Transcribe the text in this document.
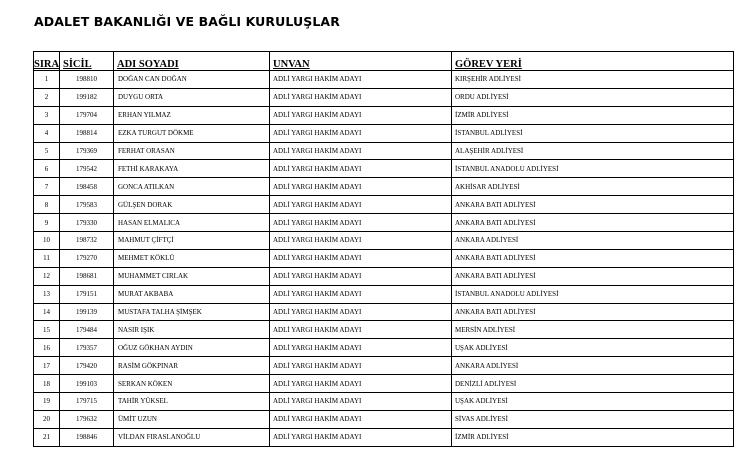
ADALET BAKANLIĞI VE BAĞLI KURULUŞLAR
SIRA	SİCİL	ADI SOYADI	UNVAN	GÖREV YERİ
1	198810	DOĞAN CAN DOĞAN	ADLİ YARGI HAKİM ADAYI	KIRŞEHİR ADLİYESİ
2	199182	DUYGU ORTA	ADLİ YARGI HAKİM ADAYI	ORDU ADLİYESİ
3	179704	ERHAN YILMAZ	ADLİ YARGI HAKİM ADAYI	İZMİR ADLİYESİ
4	198814	EZKA TURGUT DÖKME	ADLİ YARGI HAKİM ADAYI	İSTANBUL ADLİYESİ
5	179369	FERHAT ORASAN	ADLİ YARGI HAKİM ADAYI	ALAŞEHİR ADLİYESİ
6	179542	FETHİ KARAKAYA	ADLİ YARGI HAKİM ADAYI	İSTANBUL ANADOLU ADLİYESİ
7	198458	GONCA ATILKAN	ADLİ YARGI HAKİM ADAYI	AKHİSAR ADLİYESİ
8	179583	GÜLŞEN DORAK	ADLİ YARGI HAKİM ADAYI	ANKARA BATI ADLİYESİ
9	179330	HASAN ELMALICA	ADLİ YARGI HAKİM ADAYI	ANKARA BATI ADLİYESİ
10	198732	MAHMUT ÇİFTÇİ	ADLİ YARGI HAKİM ADAYI	ANKARA ADLİYESİ
11	179270	MEHMET KÖKLÜ	ADLİ YARGI HAKİM ADAYI	ANKARA BATI ADLİYESİ
12	198681	MUHAMMET CIRLAK	ADLİ YARGI HAKİM ADAYI	ANKARA BATI ADLİYESİ
13	179151	MURAT AKBABA	ADLİ YARGI HAKİM ADAYI	İSTANBUL ANADOLU ADLİYESİ
14	199139	MUSTAFA TALHA ŞİMŞEK	ADLİ YARGI HAKİM ADAYI	ANKARA BATI ADLİYESİ
15	179484	NASIR IŞIK	ADLİ YARGI HAKİM ADAYI	MERSİN ADLİYESİ
16	179357	OĞUZ GÖKHAN AYDIN	ADLİ YARGI HAKİM ADAYI	UŞAK ADLİYESİ
17	179420	RASİM GÖKPINAR	ADLİ YARGI HAKİM ADAYI	ANKARA ADLİYESİ
18	199103	SERKAN KÖKEN	ADLİ YARGI HAKİM ADAYI	DENİZLİ ADLİYESİ
19	179715	TAHİR YÜKSEL	ADLİ YARGI HAKİM ADAYI	UŞAK ADLİYESİ
20	179632	ÜMİT UZUN	ADLİ YARGI HAKİM ADAYI	SİVAS ADLİYESİ
21	198846	VİLDAN FIRASLANOĞLU	ADLİ YARGI HAKİM ADAYI	İZMİR ADLİYESİ
